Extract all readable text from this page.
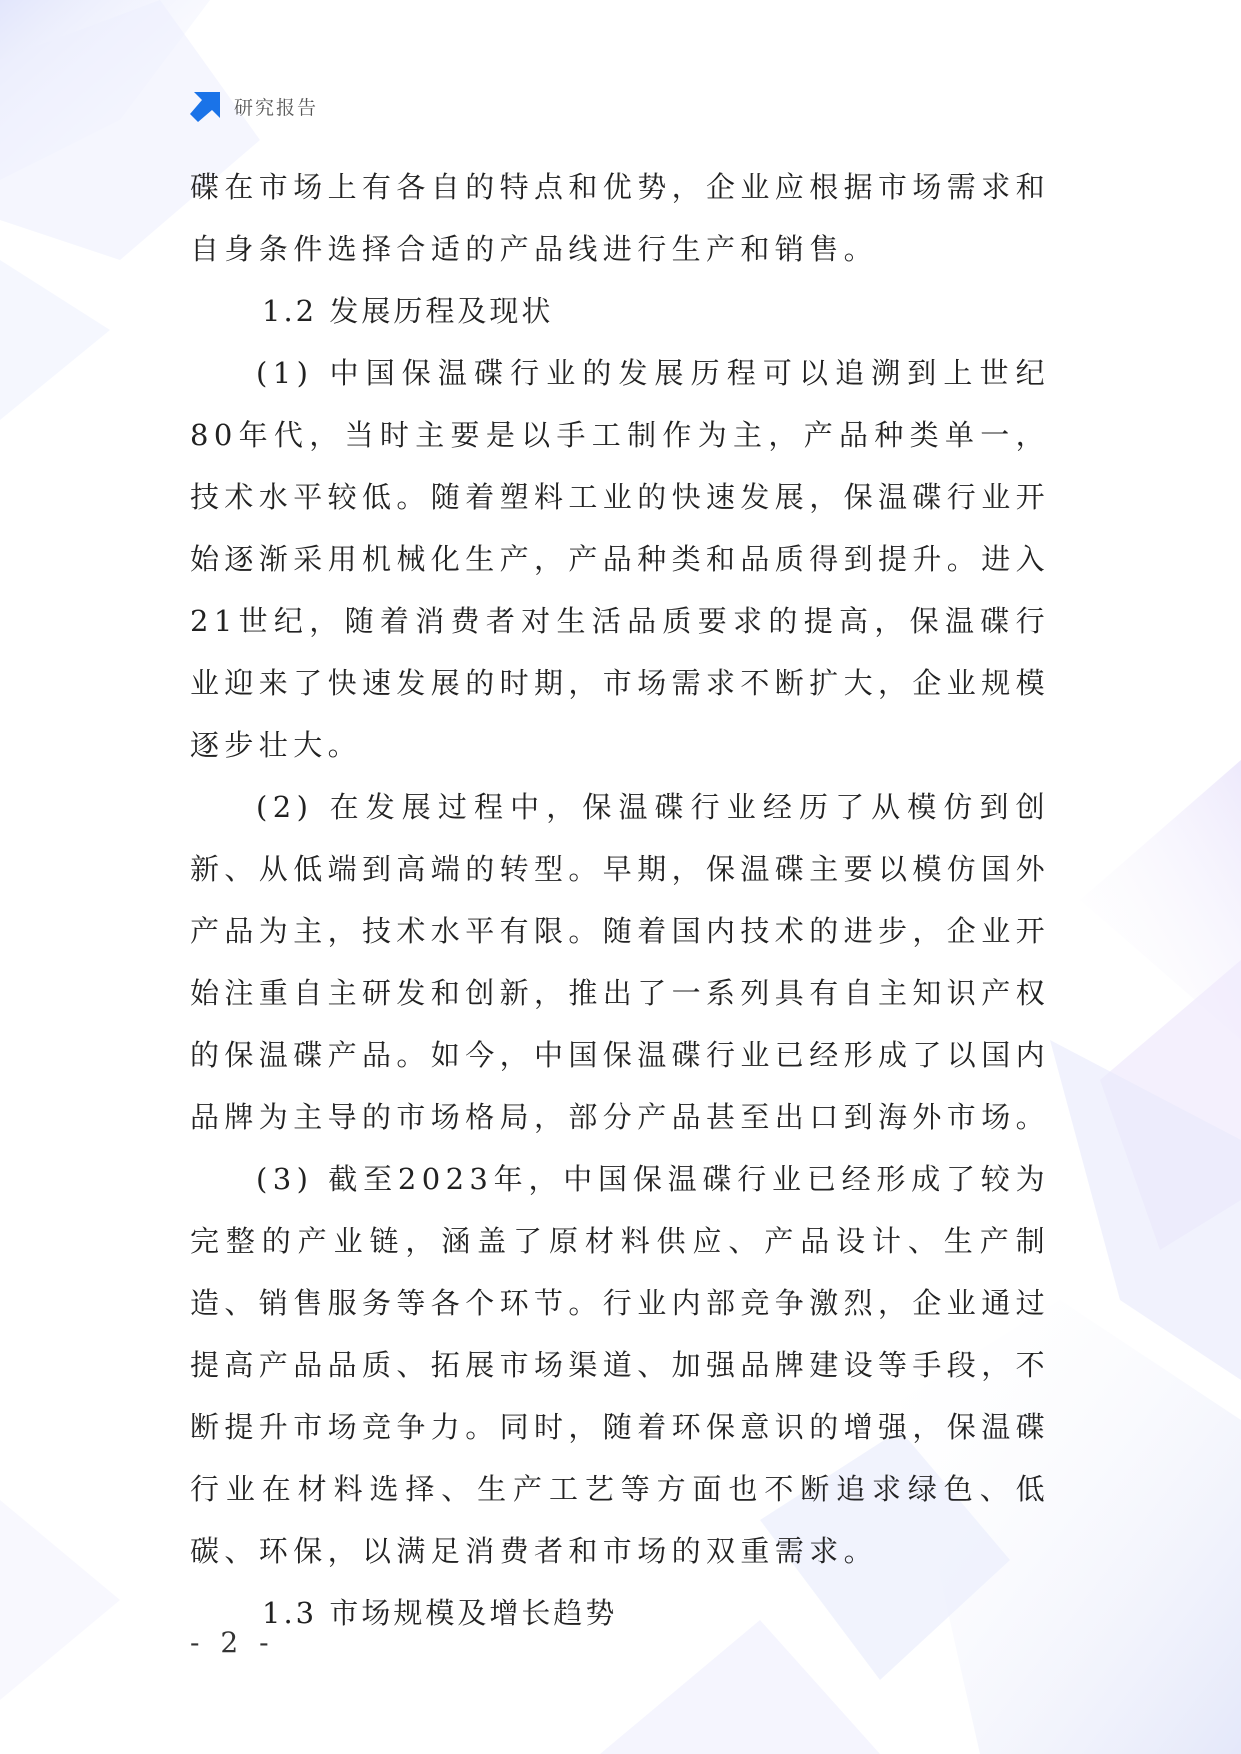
研究报告

碟在市场上有各自的特点和优势，企业应根据市场需求和自身条件选择合适的产品线进行生产和销售。

1.2 发展历程及现状

(1) 中国保温碟行业的发展历程可以追溯到上世纪80年代，当时主要是以手工制作为主，产品种类单一，技术水平较低。随着塑料工业的快速发展，保温碟行业开始逐渐采用机械化生产，产品种类和品质得到提升。进入21世纪，随着消费者对生活品质要求的提高，保温碟行业迎来了快速发展的时期，市场需求不断扩大，企业规模逐步壮大。

(2) 在发展过程中，保温碟行业经历了从模仿到创新、从低端到高端的转型。早期，保温碟主要以模仿国外产品为主，技术水平有限。随着国内技术的进步，企业开始注重自主研发和创新，推出了一系列具有自主知识产权的保温碟产品。如今，中国保温碟行业已经形成了以国内品牌为主导的市场格局，部分产品甚至出口到海外市场。

(3) 截至2023年，中国保温碟行业已经形成了较为完整的产业链，涵盖了原材料供应、产品设计、生产制造、销售服务等各个环节。行业内部竞争激烈，企业通过提高产品品质、拓展市场渠道、加强品牌建设等手段，不断提升市场竞争力。同时，随着环保意识的增强，保温碟行业在材料选择、生产工艺等方面也不断追求绿色、低碳、环保，以满足消费者和市场的双重需求。

1.3 市场规模及增长趋势
- 2 -
